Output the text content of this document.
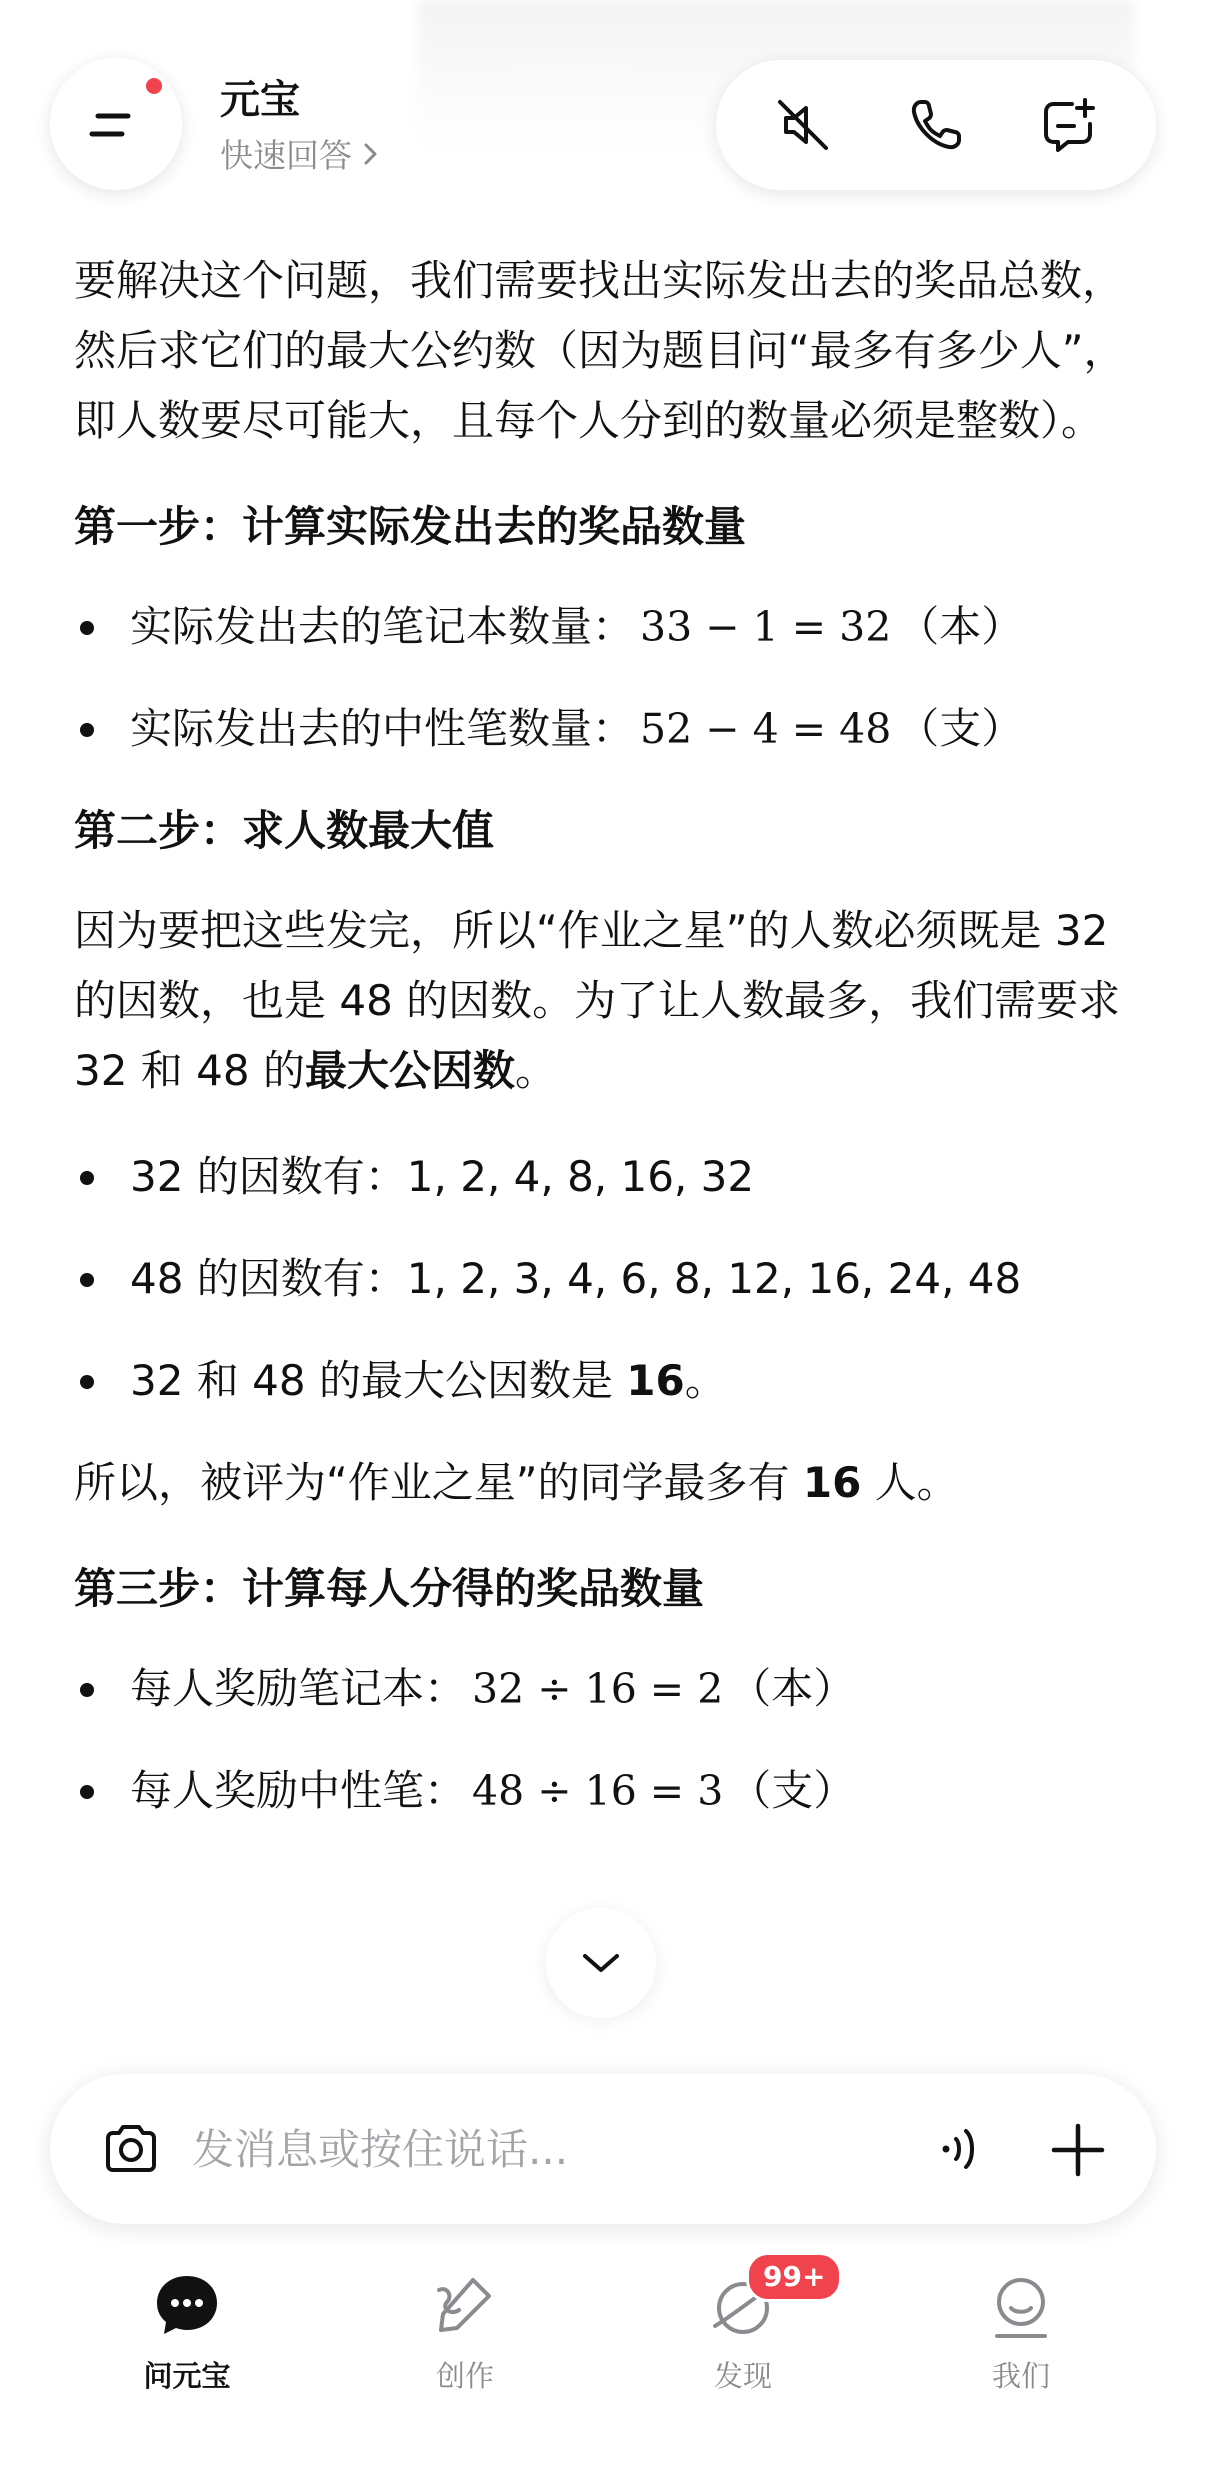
元宝
快速回答

要解决这个问题，我们需要找出实际发出去的奖品总数，然后求它们的最大公约数（因为题目问“最多有多少人”，即人数要尽可能大，且每个人分到的数量必须是整数）。

第一步：计算实际发出去的奖品数量

实际发出去的笔记本数量： 33 − 1 = 32 （本）
实际发出去的中性笔数量： 52 − 4 = 48 （支）

第二步：求人数最大值

因为要把这些发完，所以“作业之星”的人数必须既是 32 的因数，也是 48 的因数。为了让人数最多，我们需要求 32 和 48 的最大公因数。

32 的因数有：1, 2, 4, 8, 16, 32
48 的因数有：1, 2, 3, 4, 6, 8, 12, 16, 24, 48
32 和 48 的最大公因数是 16。

所以，被评为“作业之星”的同学最多有 16 人。

第三步：计算每人分得的奖品数量

每人奖励笔记本： 32 ÷ 16 = 2 （本）
每人奖励中性笔： 48 ÷ 16 = 3 （支）
发消息或按住说话...
问元宝	创作
99+
发现	我们
